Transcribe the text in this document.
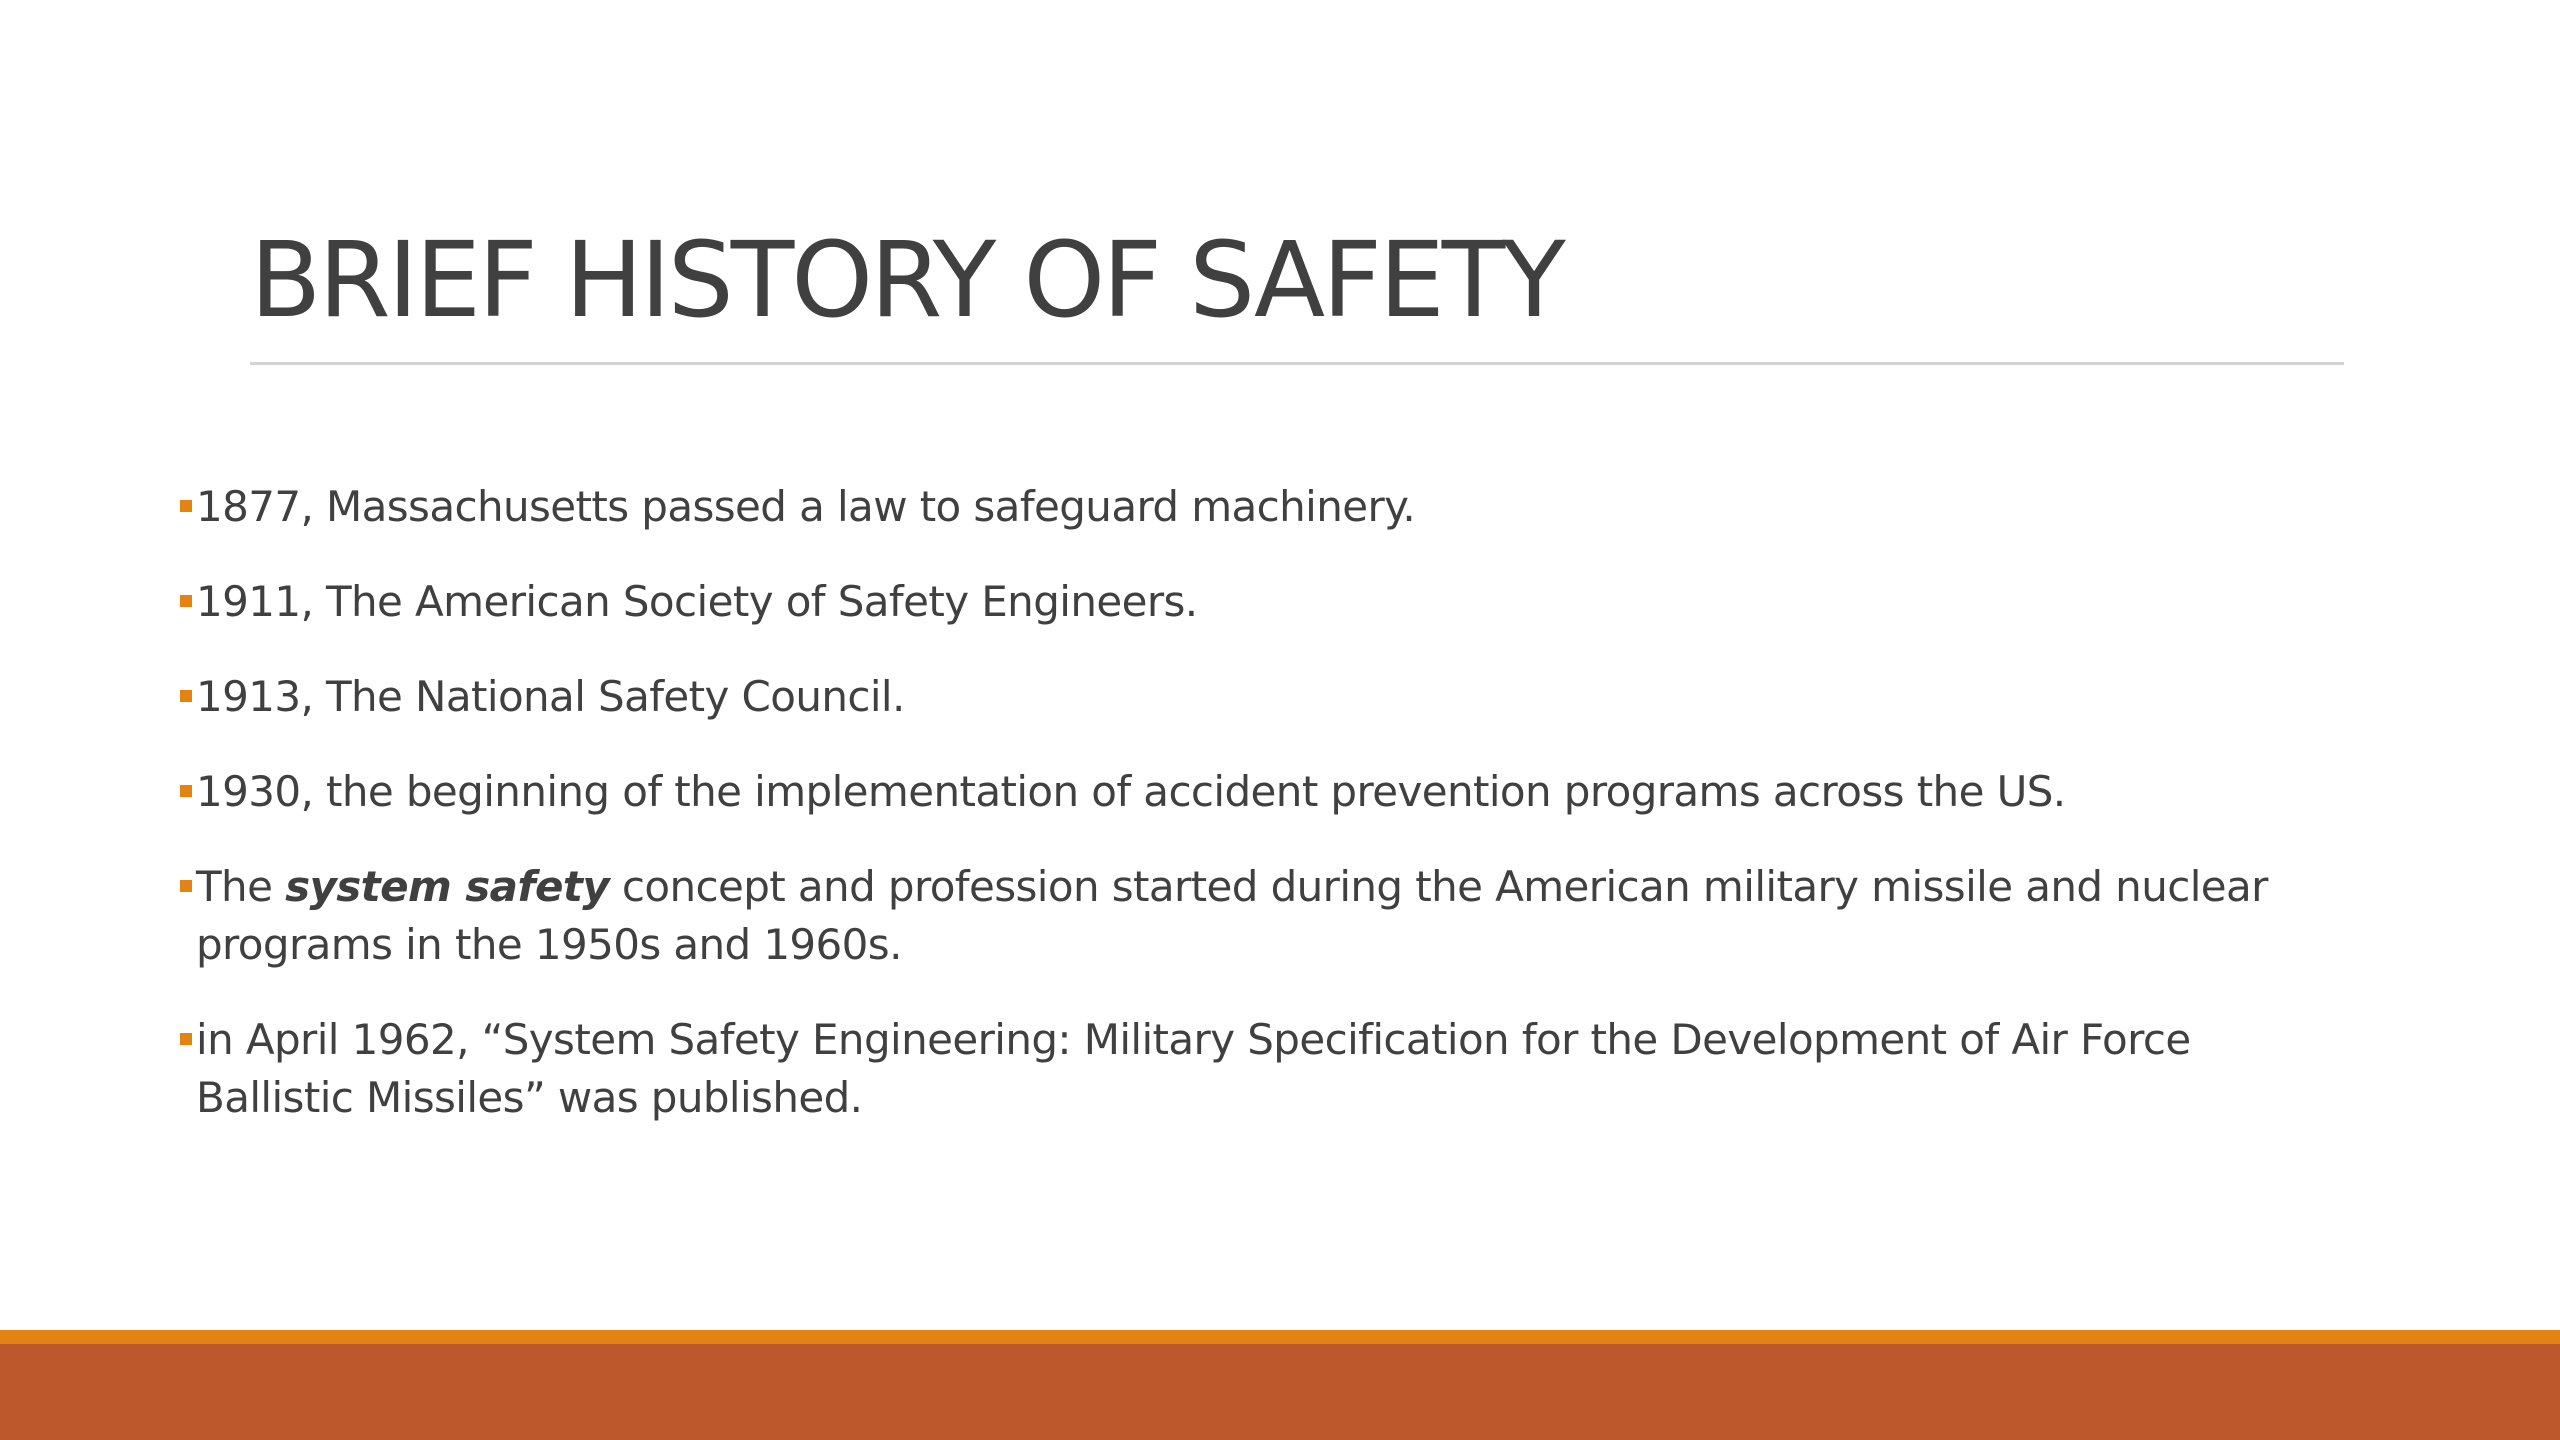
BRIEF HISTORY OF SAFETY
1877, Massachusetts passed a law to safeguard machinery.
1911, The American Society of Safety Engineers.
1913, The National Safety Council.
1930, the beginning of the implementation of accident prevention programs across the US.
The system safety concept and profession started during the American military missile and nuclear programs in the 1950s and 1960s.
in April 1962, “System Safety Engineering: Military Specification for the Development of Air Force Ballistic Missiles” was published.
